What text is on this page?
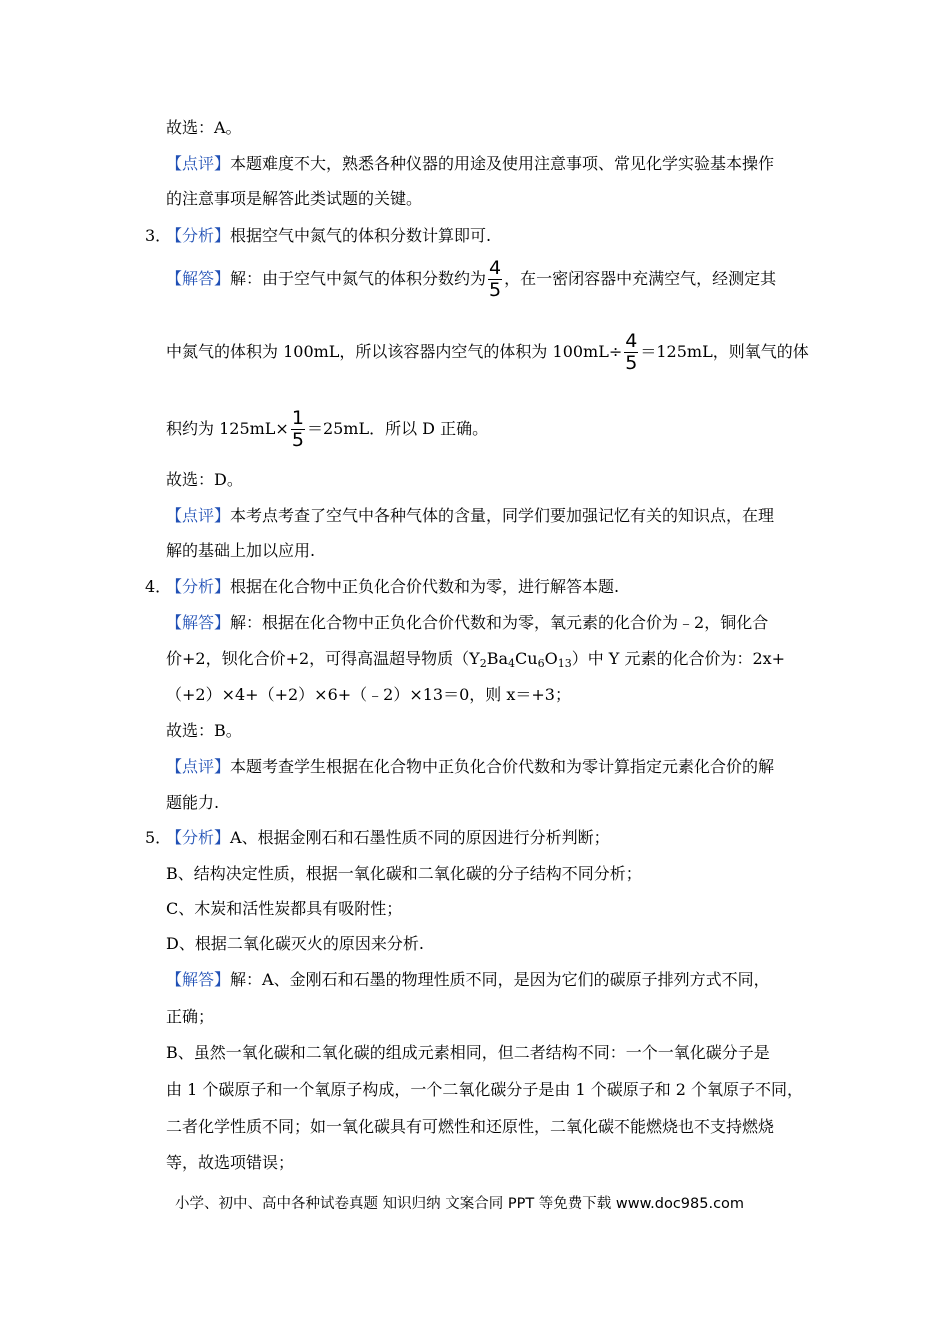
故选：A。
【点评】本题难度不大，熟悉各种仪器的用途及使用注意事项、常见化学实验基本操作
的注意事项是解答此类试题的关键。
3．
【分析】根据空气中氮气的体积分数计算即可.
【解答】解：由于空气中氮气的体积分数约为 $\frac{4}{5}$ ，在一密闭容器中充满空气，经测定其
中氮气的体积为 100mL，所以该容器内空气的体积为 $100mL\div \frac{4}{5} =125mL$，则氧气的体
积约为 $125mL\times \frac{1}{5} =25mL$．所以 D 正确。
故选：D。
【点评】本考点考查了空气中各种气体的含量，同学们要加强记忆有关的知识点，在理
解的基础上加以应用.
4．
【分析】根据在化合物中正负化合价代数和为零，进行解答本题.
【解答】解：根据在化合物中正负化合价代数和为零，氧元素的化合价为﹣2，铜化合
价+2，钡化合价+2，可得高温超导物质$(Y_2Ba_4Cu_6O_{13})$中 Y 元素的化合价为：2x+
（+2）×4+（+2）×6+（﹣2）×13＝0，则 x＝+3；
故选：B。
【点评】本题考查学生根据在化合物中正负化合价代数和为零计算指定元素化合价的解
题能力.
5．
【分析】A、根据金刚石和石墨性质不同的原因进行分析判断；
B、结构决定性质，根据一氧化碳和二氧化碳的分子结构不同分析；
C、木炭和活性炭都具有吸附性；
D、根据二氧化碳灭火的原因来分析.
【解答】解：A、金刚石和石墨的物理性质不同，是因为它们的碳原子排列方式不同，
正确；
B、虽然一氧化碳和二氧化碳的组成元素相同，但二者结构不同：一个一氧化碳分子是
由 1 个碳原子和一个氧原子构成，一个二氧化碳分子是由 1 个碳原子和 2 个氧原子不同，
二者化学性质不同；如一氧化碳具有可燃性和还原性，二氧化碳不能燃烧也不支持燃烧
等，故选项错误；
小学、初中、高中各种试卷真题 知识归纳 文案合同 PPT 等免费下载 www.doc985.com
